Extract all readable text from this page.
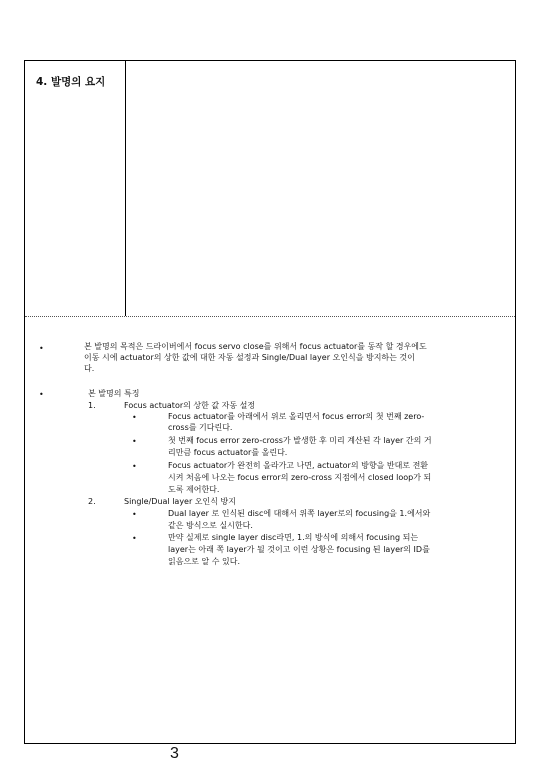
4. 발명의 요지
•	본 발명의 목적은 드라이버에서 focus servo close를 위해서 focus actuator를 동작 할 경우에도
이동 시에 actuator의 상한 값에 대한 자동 설정과 Single/Dual layer 오인식을 방지하는 것이
다.
•	본 발명의 특징
1.	Focus actuator의 상한 값 자동 설정
•	Focus actuator를 아래에서 위로 올리면서 focus error의 첫 번째 zero-
cross를 기다린다.
•	첫 번째 focus error zero-cross가 발생한 후 미리 계산된 각 layer 간의 거
리만큼 focus actuator를 올린다.
•	Focus actuator가 완전히 올라가고 나면, actuator의 방향을 반대로 전환
시켜 처음에 나오는 focus error의 zero-cross 지점에서 closed loop가 되
도록 제어한다.
2.	Single/Dual layer 오인식 방지
•	Dual layer 로 인식된 disc에 대해서 위쪽 layer로의 focusing을 1.에서와
같은 방식으로 실시한다.
•	만약 실제로 single layer disc라면, 1.의 방식에 의해서 focusing 되는
layer는 아래 쪽 layer가 될 것이고 이런 상황은 focusing 된 layer의 ID를
읽음으로 알 수 있다.
3
